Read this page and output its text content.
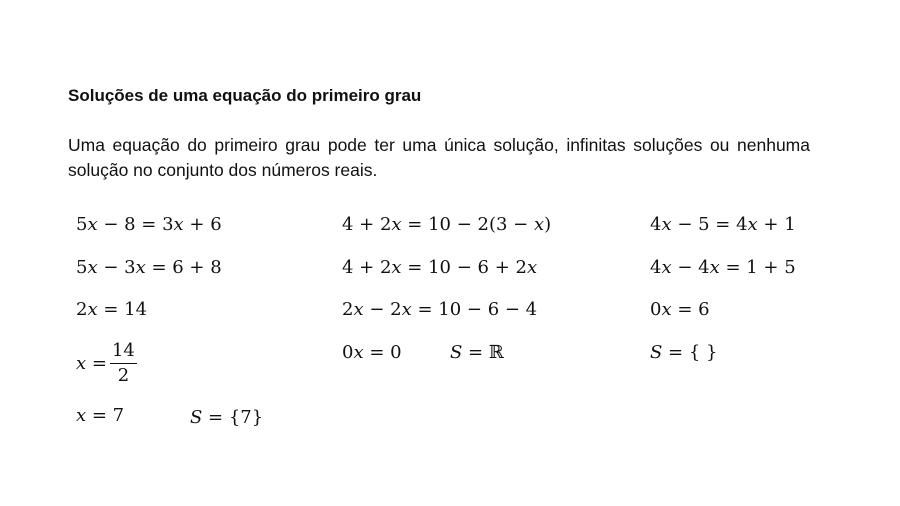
Soluções de uma equação do primeiro grau
Uma equação do primeiro grau pode ter uma única solução, infinitas soluções ou nenhuma solução no conjunto dos números reais.
5𝑥 − 8 = 3𝑥 + 6
5𝑥 − 3𝑥 = 6 + 8
2𝑥 = 14
𝑥 = $\frac{14}{2}$
𝑥 = 7	𝑆 = {7}
4 + 2𝑥 = 10 − 2(3 − 𝑥)
4 + 2𝑥 = 10 − 6 + 2𝑥
2𝑥 − 2𝑥 = 10 − 6 − 4
0𝑥 = 0	𝑆 = ℝ
4𝑥 − 5 = 4𝑥 + 1
4𝑥 − 4𝑥 = 1 + 5
0𝑥 = 6
𝑆 = { }
